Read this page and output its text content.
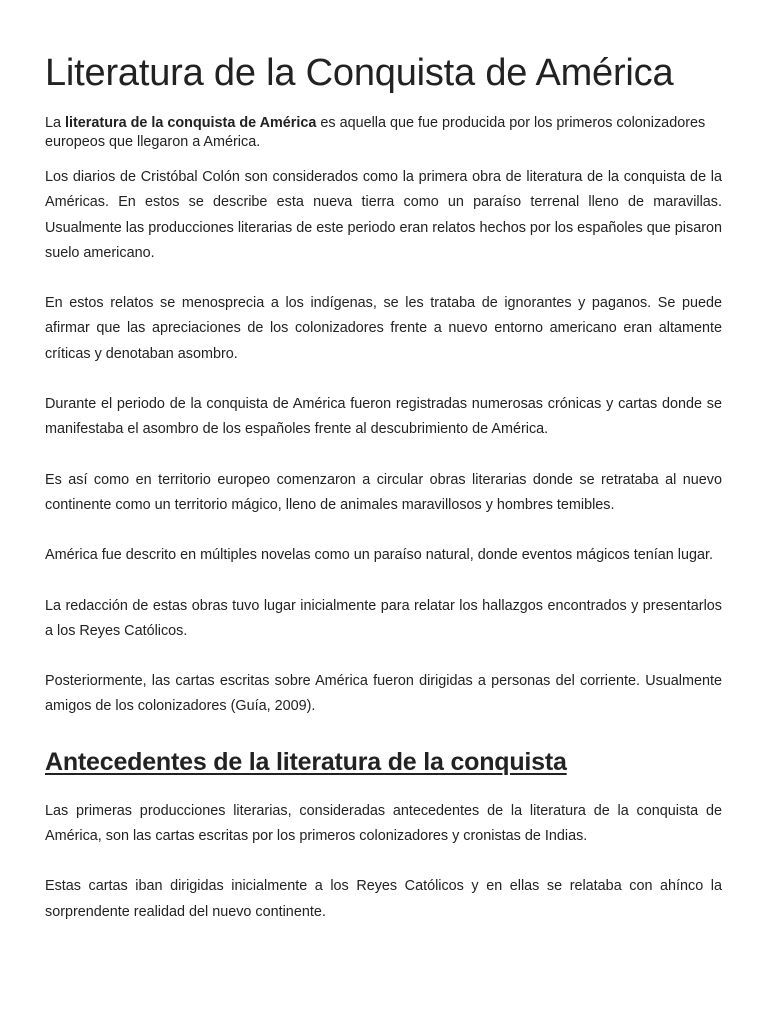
Literatura de la Conquista de América

La literatura de la conquista de América es aquella que fue producida por los primeros colonizadores europeos que llegaron a América.

Los diarios de Cristóbal Colón son considerados como la primera obra de literatura de la conquista de la Américas. En estos se describe esta nueva tierra como un paraíso terrenal lleno de maravillas. Usualmente las producciones literarias de este periodo eran relatos hechos por los españoles que pisaron suelo americano.

En estos relatos se menosprecia a los indígenas, se les trataba de ignorantes y paganos. Se puede afirmar que las apreciaciones de los colonizadores frente a nuevo entorno americano eran altamente críticas y denotaban asombro.

Durante el periodo de la conquista de América fueron registradas numerosas crónicas y cartas donde se manifestaba el asombro de los españoles frente al descubrimiento de América.

Es así como en territorio europeo comenzaron a circular obras literarias donde se retrataba al nuevo continente como un territorio mágico, lleno de animales maravillosos y hombres temibles.

América fue descrito en múltiples novelas como un paraíso natural, donde eventos mágicos tenían lugar.

La redacción de estas obras tuvo lugar inicialmente para relatar los hallazgos encontrados y presentarlos a los Reyes Católicos.

Posteriormente, las cartas escritas sobre América fueron dirigidas a personas del corriente. Usualmente amigos de los colonizadores (Guía, 2009).

Antecedentes de la literatura de la conquista

Las primeras producciones literarias, consideradas antecedentes de la literatura de la conquista de América, son las cartas escritas por los primeros colonizadores y cronistas de Indias.

Estas cartas iban dirigidas inicialmente a los Reyes Católicos y en ellas se relataba con ahínco la sorprendente realidad del nuevo continente.
